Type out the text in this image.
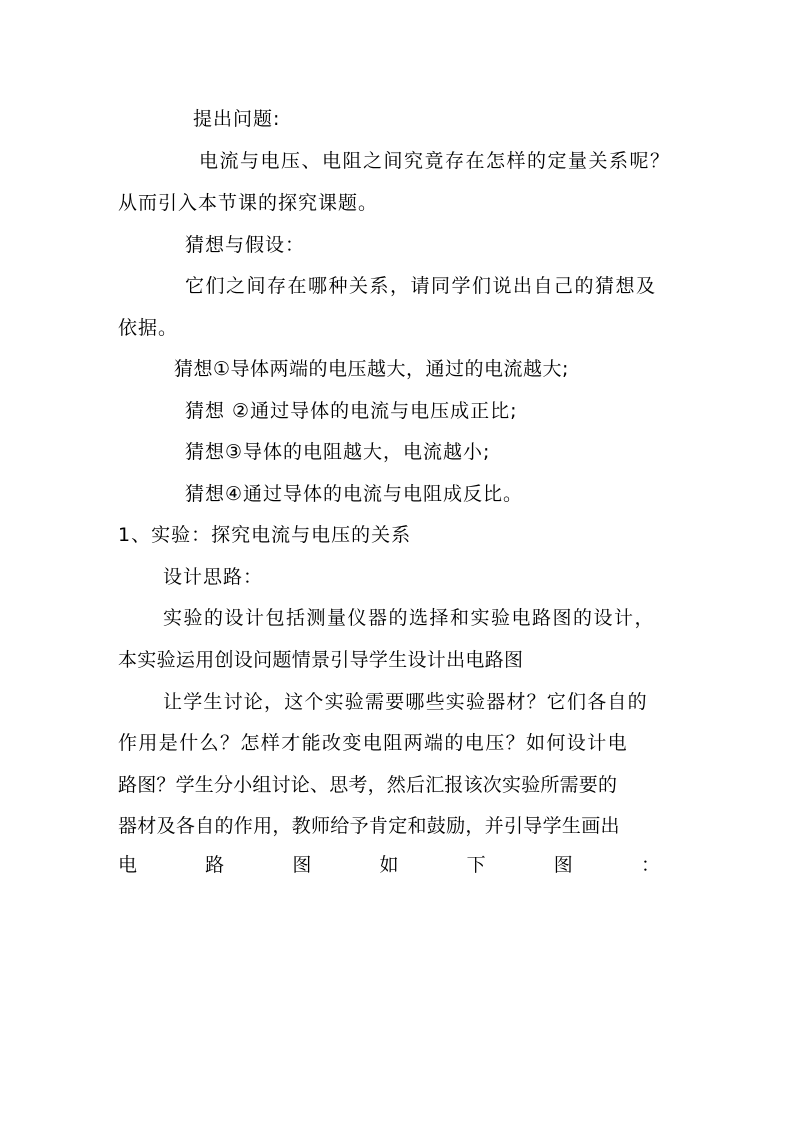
提出问题:

电流与电压、电阻之间究竟存在怎样的定量关系呢？

从而引入本节课的探究课题。

猜想与假设：

它们之间存在哪种关系，请同学们说出自己的猜想及

依据。

猜想①导体两端的电压越大，通过的电流越大;

猜想 ②通过导体的电流与电压成正比;

猜想③导体的电阻越大，电流越小;

猜想④通过导体的电流与电阻成反比。

1、实验：探究电流与电压的关系

设计思路：

实验的设计包括测量仪器的选择和实验电路图的设计，

本实验运用创设问题情景引导学生设计出电路图

让学生讨论，这个实验需要哪些实验器材？它们各自的

作用是什么？怎样才能改变电阻两端的电压？如何设计电

路图？学生分小组讨论、思考，然后汇报该次实验所需要的

器材及各自的作用，教师给予肯定和鼓励，并引导学生画出

电	路	图	如	下	图	：
